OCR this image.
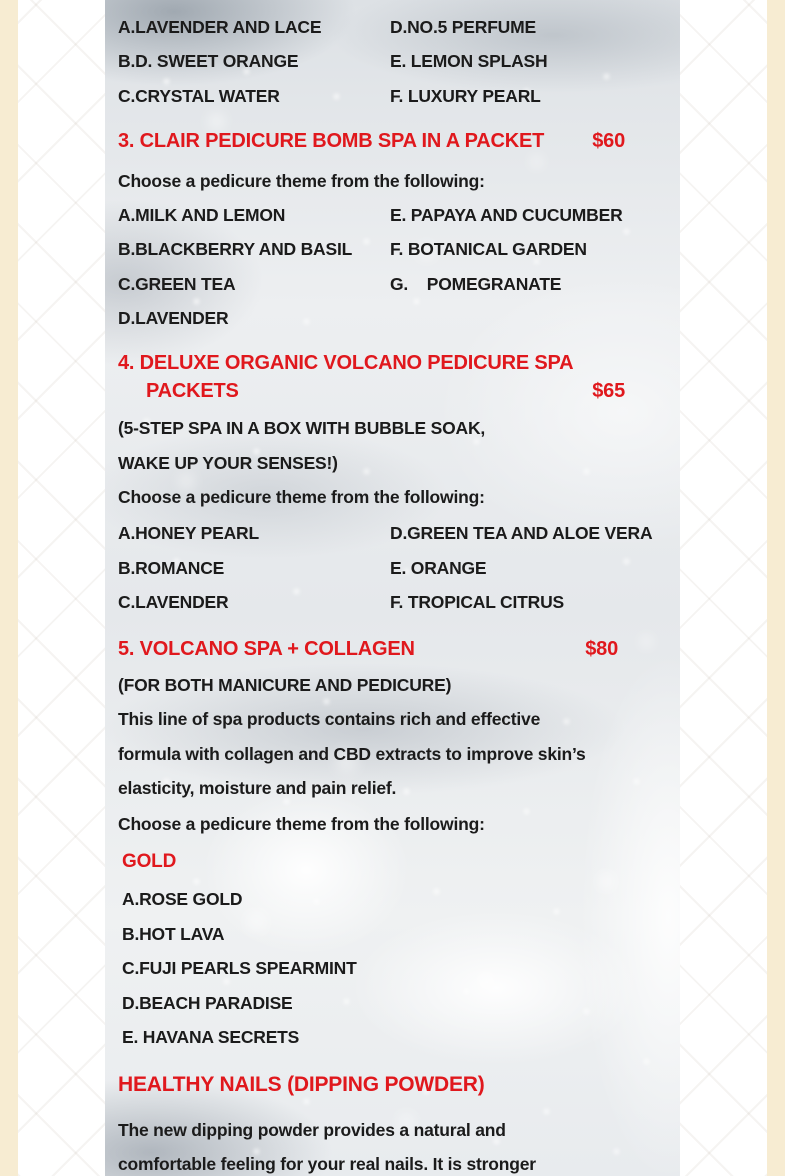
A.LAVENDER AND LACE	D.NO.5 PERFUME
B.D. SWEET ORANGE	E. LEMON SPLASH
C.CRYSTAL WATER	F. LUXURY PEARL
3. CLAIR PEDICURE BOMB SPA IN A PACKET $60
Choose a pedicure theme from the following:
A.MILK AND LEMON	E. PAPAYA AND CUCUMBER
B.BLACKBERRY AND BASIL	F. BOTANICAL GARDEN
C.GREEN TEA	G.    POMEGRANATE
D.LAVENDER
4. DELUXE ORGANIC VOLCANO PEDICURE SPA
PACKETS	$65
(5-STEP SPA IN A BOX WITH BUBBLE SOAK,
WAKE UP YOUR SENSES!)
Choose a pedicure theme from the following:
A.HONEY PEARL	D.GREEN TEA AND ALOE VERA
B.ROMANCE	E. ORANGE
C.LAVENDER	F. TROPICAL CITRUS
5. VOLCANO SPA + COLLAGEN	$80
(FOR BOTH MANICURE AND PEDICURE)
This line of spa products contains rich and effective
formula with collagen and CBD extracts to improve skin’s
elasticity, moisture and pain relief.
Choose a pedicure theme from the following:
GOLD
A.ROSE GOLD
B.HOT LAVA
C.FUJI PEARLS SPEARMINT
D.BEACH PARADISE
E. HAVANA SECRETS
HEALTHY NAILS (DIPPING POWDER)
The new dipping powder provides a natural and
comfortable feeling for your real nails. It is stronger
